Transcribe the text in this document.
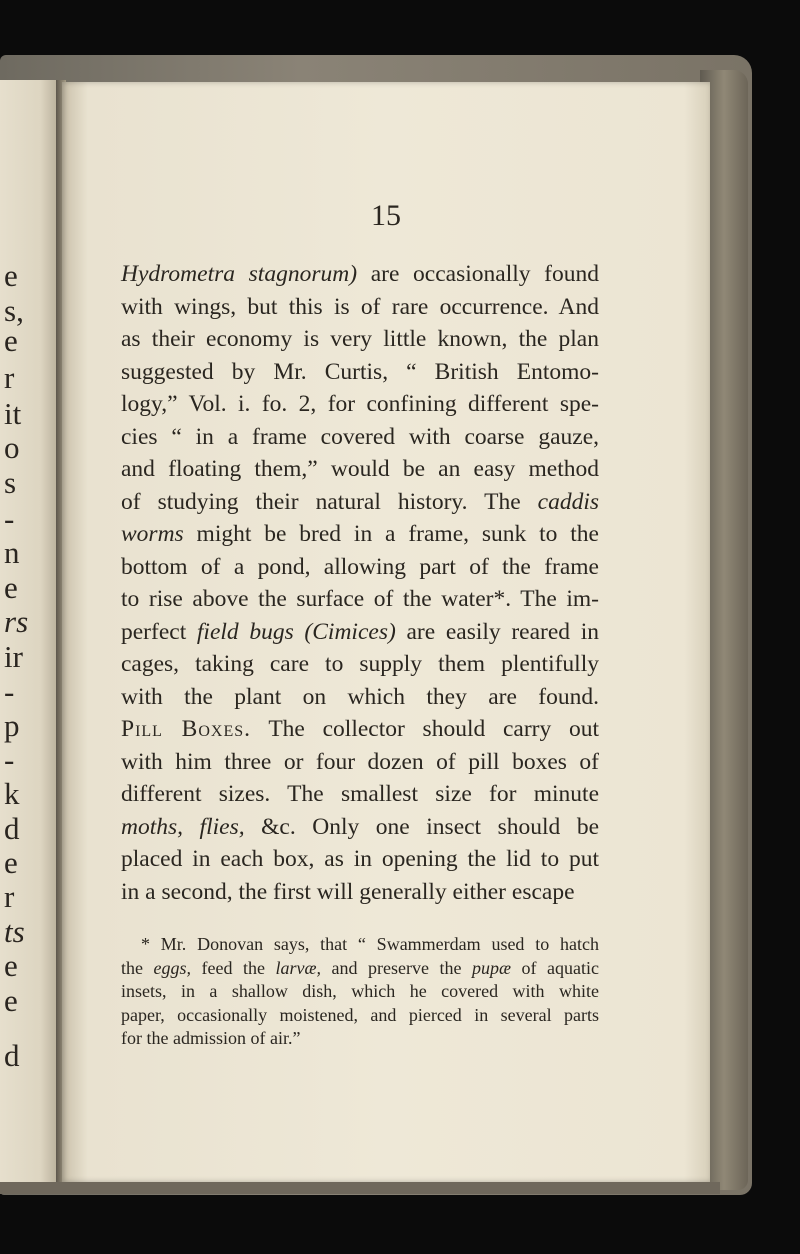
e
s,
e
r
it
o
s
-
n
e
rs
ir
-
p
-
k
d
e
r
ts
e
e
d

15

Hydrometra stagnorum) are occasionally found
with wings, but this is of rare occurrence. And
as their economy is very little known, the plan
suggested by Mr. Curtis, “ British Entomo-
logy,” Vol. i. fo. 2, for confining different spe-
cies “ in a frame covered with coarse gauze,
and floating them,” would be an easy method
of studying their natural history. The caddis
worms might be bred in a frame, sunk to the
bottom of a pond, allowing part of the frame
to rise above the surface of the water*. The im-
perfect field bugs (Cimices) are easily reared in
cages, taking care to supply them plentifully
with the plant on which they are found.
Pill Boxes. The collector should carry out
with him three or four dozen of pill boxes of
different sizes. The smallest size for minute
moths, flies, &c. Only one insect should be
placed in each box, as in opening the lid to put
in a second, the first will generally either escape
* Mr. Donovan says, that “ Swammerdam used to hatch
the eggs, feed the larvæ, and preserve the pupæ of aquatic
insets, in a shallow dish, which he covered with white
paper, occasionally moistened, and pierced in several parts
for the admission of air.”
